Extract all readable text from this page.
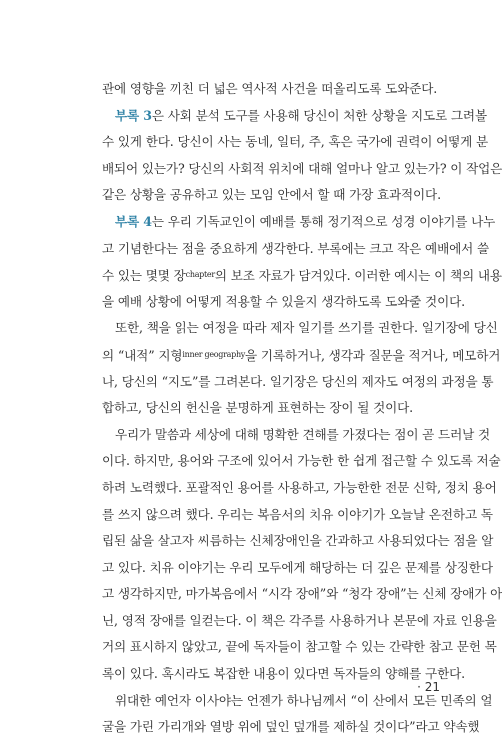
관에 영향을 끼친 더 넓은 역사적 사건을 떠올리도록 도와준다.
부록 3은 사회 분석 도구를 사용해 당신이 처한 상황을 지도로 그려볼
수 있게 한다. 당신이 사는 동네, 일터, 주, 혹은 국가에 권력이 어떻게 분
배되어 있는가? 당신의 사회적 위치에 대해 얼마나 알고 있는가? 이 작업은
같은 상황을 공유하고 있는 모임 안에서 할 때 가장 효과적이다.
부록 4는 우리 기독교인이 예배를 통해 정기적으로 성경 이야기를 나누
고 기념한다는 점을 중요하게 생각한다. 부록에는 크고 작은 예배에서 쓸
수 있는 몇몇 장$^{chapter}$의 보조 자료가 담겨있다. 이러한 예시는 이 책의 내용
을 예배 상황에 어떻게 적용할 수 있을지 생각하도록 도와줄 것이다.
또한, 책을 읽는 여정을 따라 제자 일기를 쓰기를 권한다. 일기장에 당신
의 “내적” 지형$^{inner geography}$을 기록하거나, 생각과 질문을 적거나, 메모하거
나, 당신의 “지도”를 그려본다. 일기장은 당신의 제자도 여정의 과정을 통
합하고, 당신의 헌신을 분명하게 표현하는 장이 될 것이다.
우리가 말씀과 세상에 대해 명확한 견해를 가졌다는 점이 곧 드러날 것
이다. 하지만, 용어와 구조에 있어서 가능한 한 쉽게 접근할 수 있도록 저술
하려 노력했다. 포괄적인 용어를 사용하고, 가능한한 전문 신학, 정치 용어
를 쓰지 않으려 했다. 우리는 복음서의 치유 이야기가 오늘날 온전하고 독
립된 삶을 살고자 씨름하는 신체장애인을 간과하고 사용되었다는 점을 알
고 있다. 치유 이야기는 우리 모두에게 해당하는 더 깊은 문제를 상징한다
고 생각하지만, 마가복음에서 “시각 장애”와 “청각 장애”는 신체 장애가 아
닌, 영적 장애를 일컫는다. 이 책은 각주를 사용하거나 본문에 자료 인용을
거의 표시하지 않았고, 끝에 독자들이 참고할 수 있는 간략한 참고 문헌 목
록이 있다. 혹시라도 복잡한 내용이 있다면 독자들의 양해를 구한다.
위대한 예언자 이사야는 언젠가 하나님께서 “이 산에서 모든 민족의 얼
굴을 가린 가리개와 열방 위에 덮인 덮개를 제하실 것이다”라고 약속했
· 21
